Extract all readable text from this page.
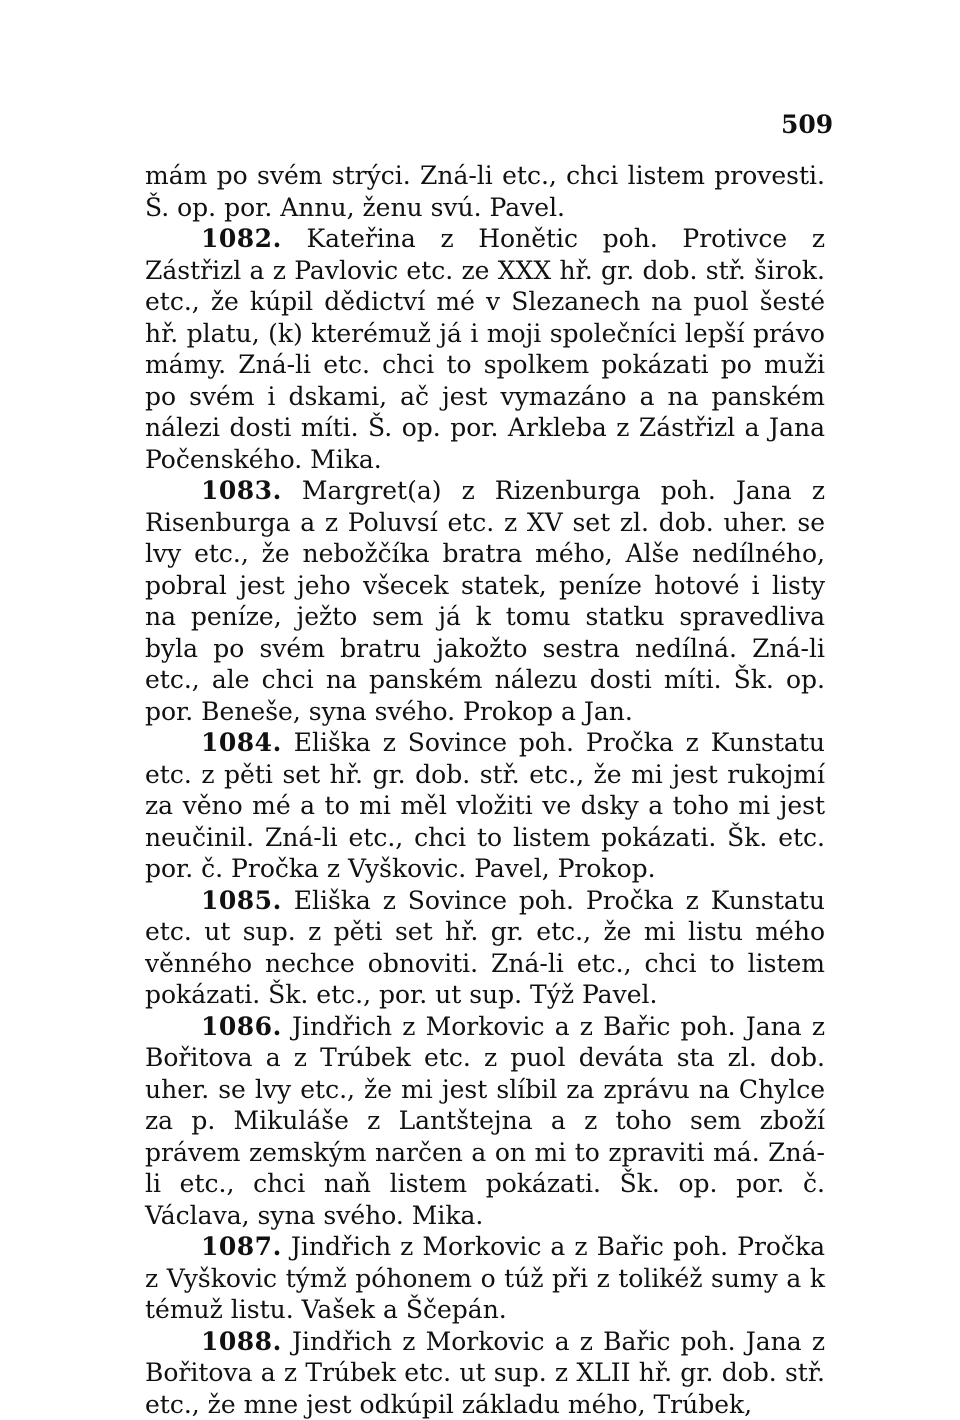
509

mám po svém strýci. Zná-li etc., chci listem provesti. Š. op. por. Annu, ženu svú. Pavel.

1082. Kateřina z Honětic poh. Protivce z Zástřizl a z Pavlovic etc. ze XXX hř. gr. dob. stř. širok. etc., že kúpil dědictví mé v Slezanech na puol šesté hř. platu, (k) kterémuž já i moji společníci lepší právo mámy. Zná-li etc. chci to spolkem pokázati po muži po svém i dskami, ač jest vymazáno a na panském nálezi dosti míti. Š. op. por. Arkleba z Zástřizl a Jana Počenského. Mika.

1083. Margret(a) z Rizenburga poh. Jana z Risenburga a z Poluvsí etc. z XV set zl. dob. uher. se lvy etc., že nebožčíka bratra mého, Alše nedílného, pobral jest jeho všecek statek, peníze hotové i listy na peníze, ježto sem já k tomu statku spravedliva byla po svém bratru jakožto sestra nedílná. Zná-li etc., ale chci na panském nálezu dosti míti. Šk. op. por. Beneše, syna svého. Prokop a Jan.

1084. Eliška z Sovince poh. Pročka z Kunstatu etc. z pěti set hř. gr. dob. stř. etc., že mi jest rukojmí za věno mé a to mi měl vložiti ve dsky a toho mi jest neučinil. Zná-li etc., chci to listem pokázati. Šk. etc. por. č. Pročka z Vyškovic. Pavel, Prokop.

1085. Eliška z Sovince poh. Pročka z Kunstatu etc. ut sup. z pěti set hř. gr. etc., že mi listu mého věnného nechce obnoviti. Zná-li etc., chci to listem pokázati. Šk. etc., por. ut sup. Týž Pavel.

1086. Jindřich z Morkovic a z Bařic poh. Jana z Bořitova a z Trúbek etc. z puol deváta sta zl. dob. uher. se lvy etc., že mi jest slíbil za zprávu na Chylce za p. Mikuláše z Lantštejna a z toho sem zboží právem zemským narčen a on mi to zpraviti má. Zná-li etc., chci naň listem pokázati. Šk. op. por. č. Václava, syna svého. Mika.

1087. Jindřich z Morkovic a z Bařic poh. Pročka z Vyškovic týmž póhonem o túž při z tolikéž sumy a k témuž listu. Vašek a Ščepán.

1088. Jindřich z Morkovic a z Bařic poh. Jana z Bořitova a z Trúbek etc. ut sup. z XLII hř. gr. dob. stř. etc., že mne jest odkúpil základu mého, Trúbek,
